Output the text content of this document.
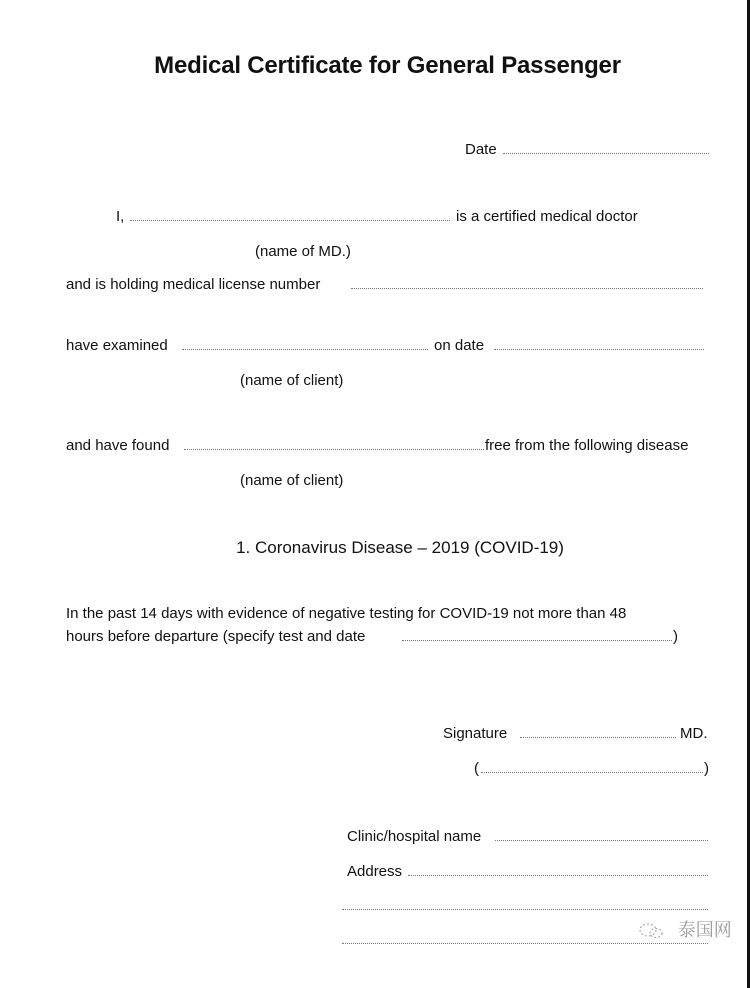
Medical Certificate for General Passenger
Date
I,	is a certified medical doctor
(name of MD.)
and is holding medical license number
have examined	on date
(name of client)
and have found	free from the following disease
(name of client)
1. Coronavirus Disease – 2019 (COVID-19)
In the past 14 days with evidence of negative testing for COVID-19 not more than 48
hours before departure (specify test and date	)
Signature	MD.
(	)
Clinic/hospital name
Address
泰国网
